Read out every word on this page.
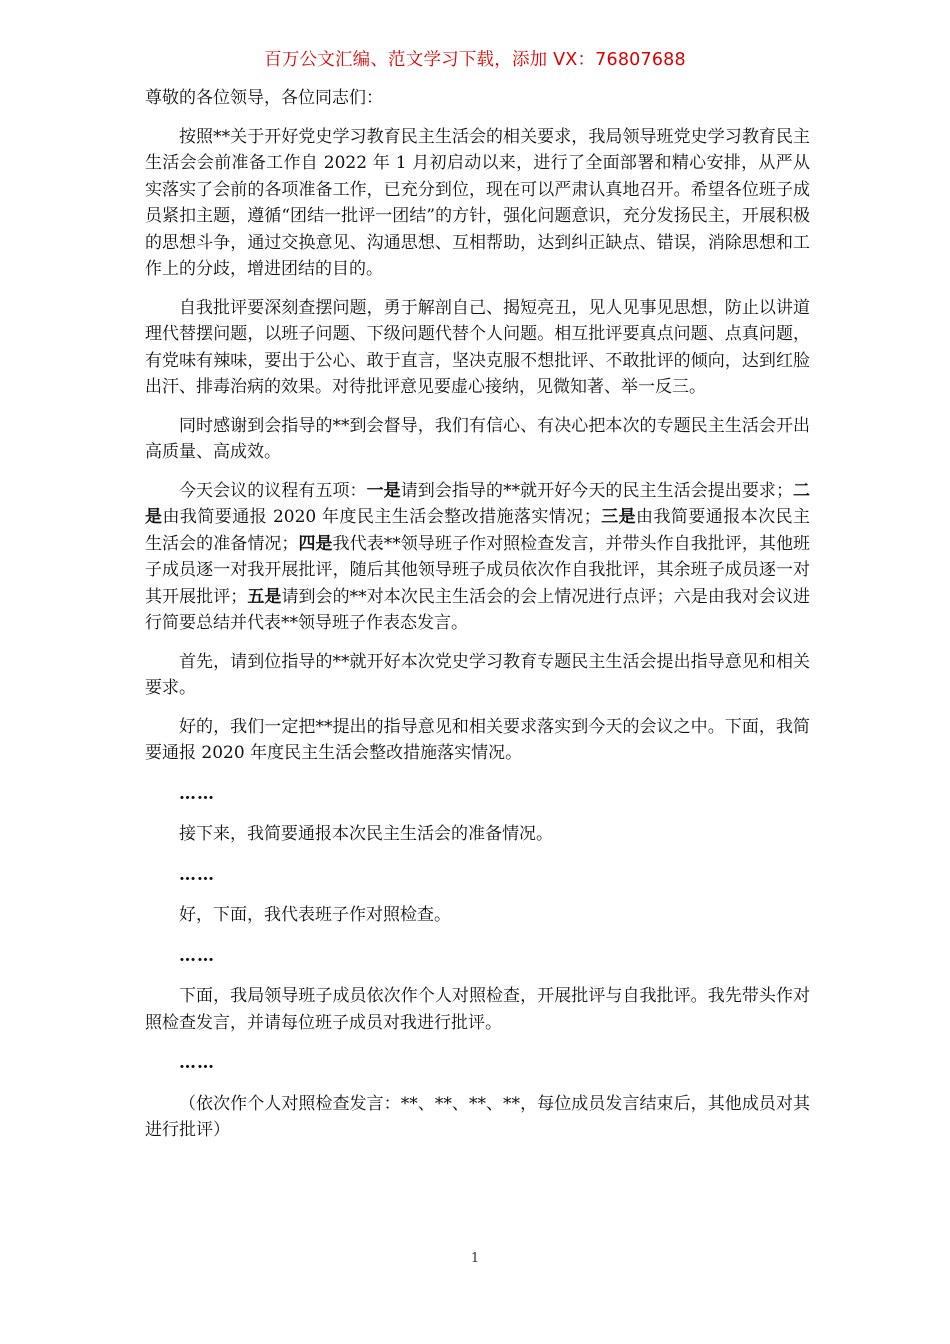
百万公文汇编、范文学习下载，添加 VX：76807688

尊敬的各位领导，各位同志们：

按照**关于开好党史学习教育民主生活会的相关要求，我局领导班党史学习教育民主生活会会前准备工作自 2022 年 1 月初启动以来，进行了全面部署和精心安排，从严从实落实了会前的各项准备工作，已充分到位，现在可以严肃认真地召开。希望各位班子成员紧扣主题，遵循“团结一批评一团结”的方针，强化问题意识，充分发扬民主，开展积极的思想斗争，通过交换意见、沟通思想、互相帮助，达到纠正缺点、错误，消除思想和工作上的分歧，增进团结的目的。

自我批评要深刻查摆问题，勇于解剖自己、揭短亮丑，见人见事见思想，防止以讲道理代替摆问题，以班子问题、下级问题代替个人问题。相互批评要真点问题、点真问题，有党味有辣味，要出于公心、敢于直言，坚决克服不想批评、不敢批评的倾向，达到红脸出汗、排毒治病的效果。对待批评意见要虚心接纳，见微知著、举一反三。

同时感谢到会指导的**到会督导，我们有信心、有决心把本次的专题民主生活会开出高质量、高成效。

今天会议的议程有五项：一是请到会指导的**就开好今天的民主生活会提出要求；二是由我简要通报 2020 年度民主生活会整改措施落实情况；三是由我简要通报本次民主生活会的准备情况；四是我代表**领导班子作对照检查发言，并带头作自我批评，其他班子成员逐一对我开展批评，随后其他领导班子成员依次作自我批评，其余班子成员逐一对其开展批评；五是请到会的**对本次民主生活会的会上情况进行点评；六是由我对会议进行简要总结并代表**领导班子作表态发言。

首先，请到位指导的**就开好本次党史学习教育专题民主生活会提出指导意见和相关要求。

好的，我们一定把**提出的指导意见和相关要求落实到今天的会议之中。下面，我简要通报 2020 年度民主生活会整改措施落实情况。

……

接下来，我简要通报本次民主生活会的准备情况。

……

好，下面，我代表班子作对照检查。

……

下面，我局领导班子成员依次作个人对照检查，开展批评与自我批评。我先带头作对照检查发言，并请每位班子成员对我进行批评。

……

（依次作个人对照检查发言：**、**、**、**，每位成员发言结束后，其他成员对其进行批评）

1
